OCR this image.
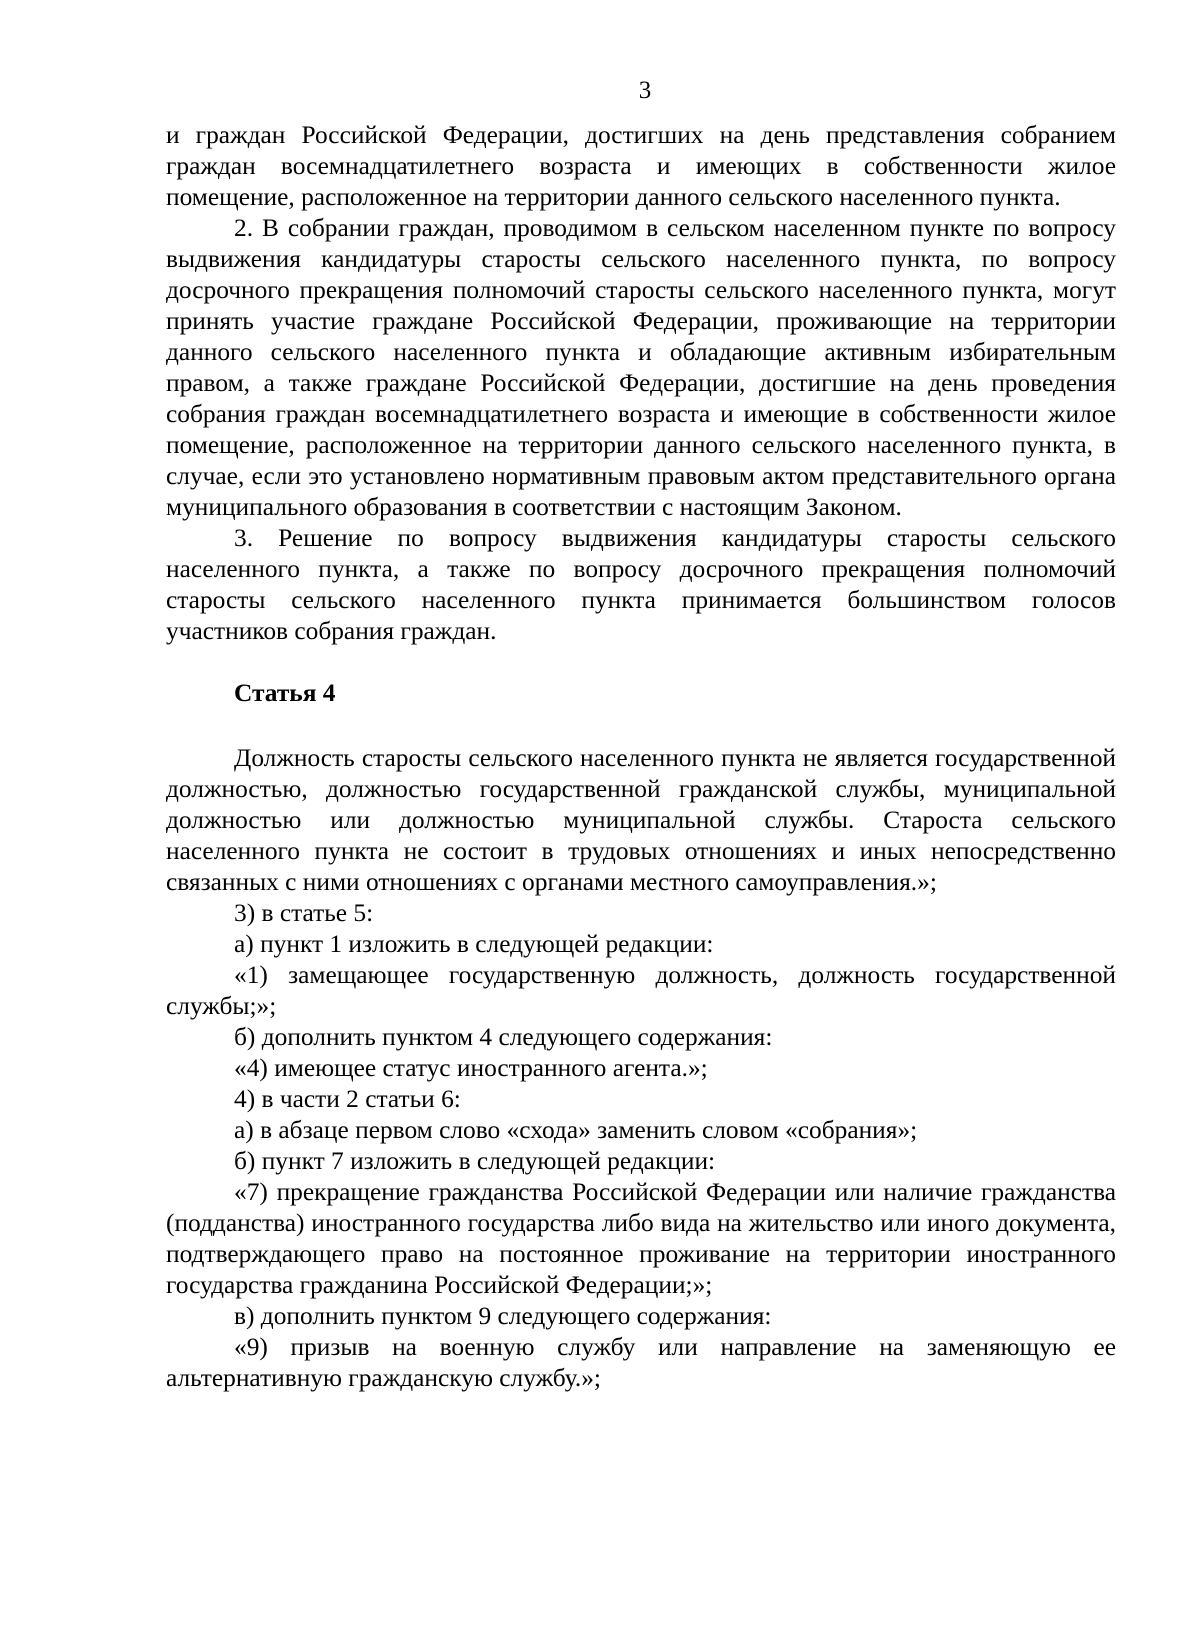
3

и граждан Российской Федерации, достигших на день представления собранием граждан восемнадцатилетнего возраста и имеющих в собственности жилое помещение, расположенное на территории данного сельского населенного пункта.

2. В собрании граждан, проводимом в сельском населенном пункте по вопросу выдвижения кандидатуры старосты сельского населенного пункта, по вопросу досрочного прекращения полномочий старосты сельского населенного пункта, могут принять участие граждане Российской Федерации, проживающие на территории данного сельского населенного пункта и обладающие активным избирательным правом, а также граждане Российской Федерации, достигшие на день проведения собрания граждан восемнадцатилетнего возраста и имеющие в собственности жилое помещение, расположенное на территории данного сельского населенного пункта, в случае, если это установлено нормативным правовым актом представительного органа муниципального образования в соответствии с настоящим Законом.

3. Решение по вопросу выдвижения кандидатуры старосты сельского населенного пункта, а также по вопросу досрочного прекращения полномочий старосты сельского населенного пункта принимается большинством голосов участников собрания граждан.

Статья 4

Должность старосты сельского населенного пункта не является государственной должностью, должностью государственной гражданской службы, муниципальной должностью или должностью муниципальной службы. Староста сельского населенного пункта не состоит в трудовых отношениях и иных непосредственно связанных с ними отношениях с органами местного самоуправления.»;

3) в статье 5:

а) пункт 1 изложить в следующей редакции:

«1) замещающее государственную должность, должность государственной службы;»;

б) дополнить пунктом 4 следующего содержания:

«4) имеющее статус иностранного агента.»;

4) в части 2 статьи 6:

а) в абзаце первом слово «схода» заменить словом «собрания»;

б) пункт 7 изложить в следующей редакции:

«7) прекращение гражданства Российской Федерации или наличие гражданства (подданства) иностранного государства либо вида на жительство или иного документа, подтверждающего право на постоянное проживание на территории иностранного государства гражданина Российской Федерации;»;

в) дополнить пунктом 9 следующего содержания:

«9) призыв на военную службу или направление на заменяющую ее альтернативную гражданскую службу.»;
